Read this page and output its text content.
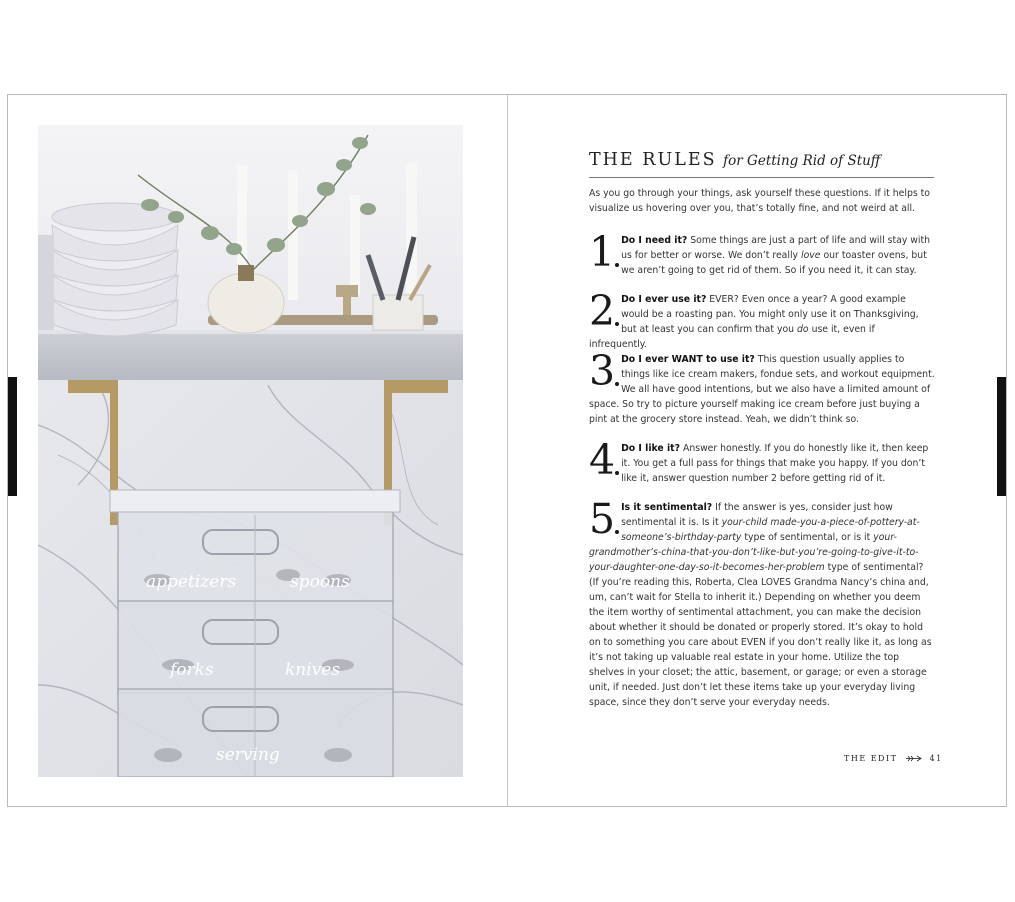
appetizers	spoons
forks	knives
serving
THE RULES for Getting Rid of Stuff
As you go through your things, ask yourself these questions. If it helps to visualize us hovering over you, that’s totally fine, and not weird at all.
1 Do I need it? Some things are just a part of life and will stay with us for better or worse. We don’t really love our toaster ovens, but we aren’t going to get rid of them. So if you need it, it can stay.
2 Do I ever use it? EVER? Even once a year? A good example would be a roasting pan. You might only use it on Thanksgiving, but at least you can confirm that you do use it, even if infrequently.
3 Do I ever WANT to use it? This question usually applies to things like ice cream makers, fondue sets, and workout equipment. We all have good intentions, but we also have a limited amount of space. So try to picture yourself making ice cream before just buying a pint at the grocery store instead. Yeah, we didn’t think so.
4 Do I like it? Answer honestly. If you do honestly like it, then keep it. You get a full pass for things that make you happy. If you don’t like it, answer question number 2 before getting rid of it.
5 Is it sentimental? If the answer is yes, consider just how sentimental it is. Is it your-child made-you-a-piece-of-pottery-at-someone’s-birthday-party type of sentimental, or is it your-grandmother’s-china-that-you-don’t-like-but-you’re-going-to-give-it-to-your-daughter-one-day-so-it-becomes-her-problem type of sentimental? (If you’re reading this, Roberta, Clea LOVES Grandma Nancy’s china and, um, can’t wait for Stella to inherit it.) Depending on whether you deem the item worthy of sentimental attachment, you can make the decision about whether it should be donated or properly stored. It’s okay to hold on to something you care about EVEN if you don’t really like it, as long as it’s not taking up valuable real estate in your home. Utilize the top shelves in your closet; the attic, basement, or garage; or even a storage unit, if needed. Just don’t let these items take up your everyday living space, since they don’t serve your everyday needs.
THE EDIT	41
